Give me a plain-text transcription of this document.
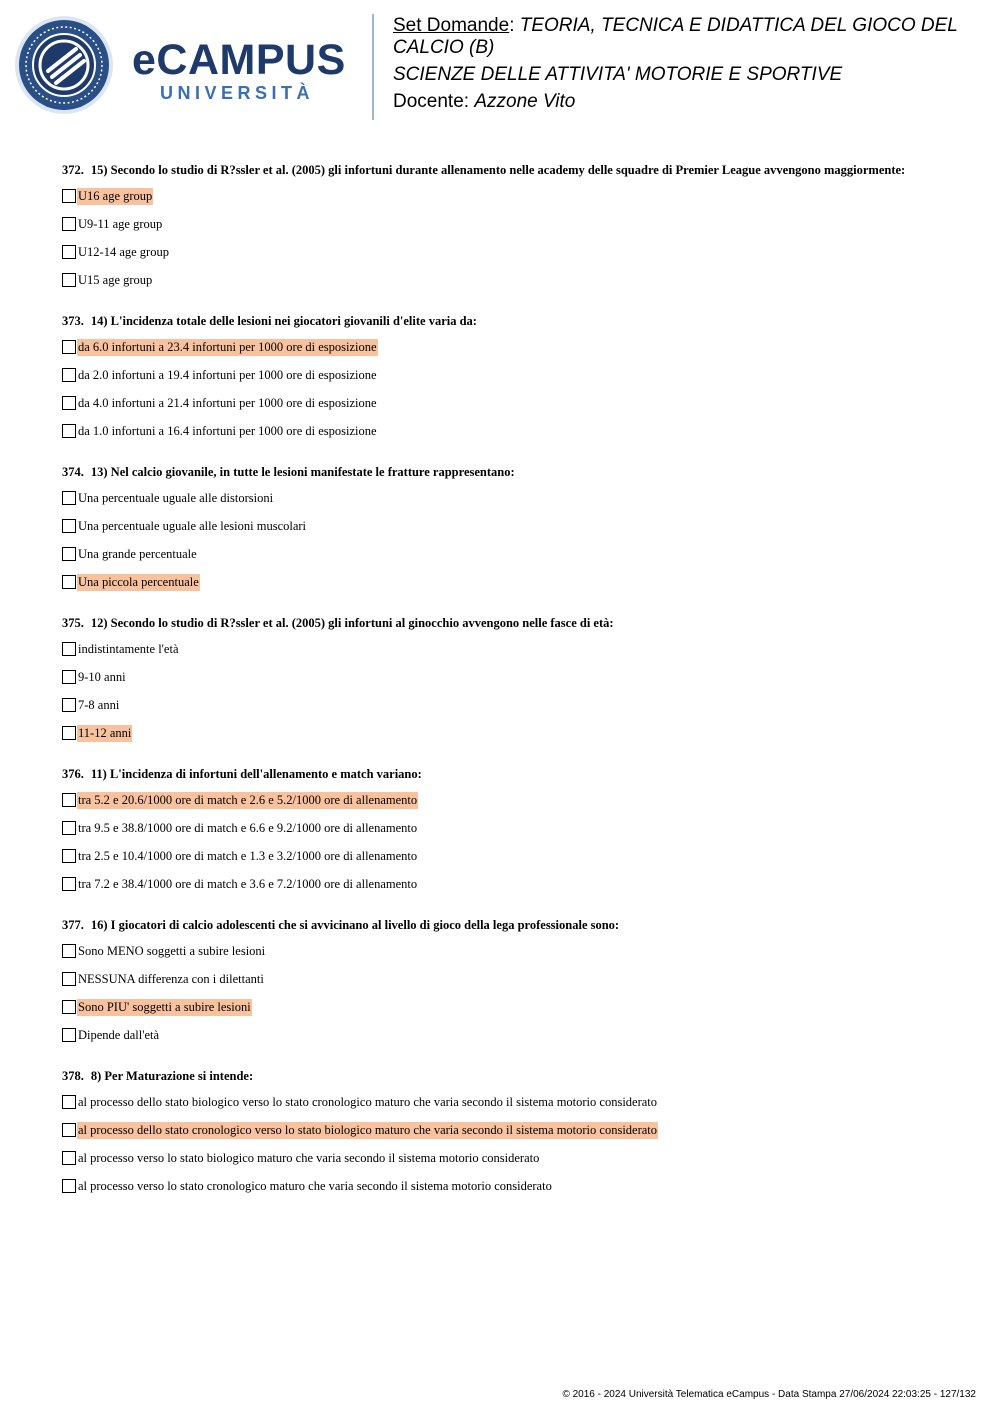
eCAMPUS
UNIVERSITÀ
Set Domande: TEORIA, TECNICA E DIDATTICA DEL GIOCO DEL CALCIO (B)
SCIENZE DELLE ATTIVITA' MOTORIE E SPORTIVE
Docente: Azzone Vito
372. 15) Secondo lo studio di R?ssler et al. (2005) gli infortuni durante allenamento nelle academy delle squadre di Premier League avvengono maggiormente:
U16 age group
U9-11 age group
U12-14 age group
U15 age group
373. 14) L'incidenza totale delle lesioni nei giocatori giovanili d'elite varia da:
da 6.0 infortuni a 23.4 infortuni per 1000 ore di esposizione
da 2.0 infortuni a 19.4 infortuni per 1000 ore di esposizione
da 4.0 infortuni a 21.4 infortuni per 1000 ore di esposizione
da 1.0 infortuni a 16.4 infortuni per 1000 ore di esposizione
374. 13) Nel calcio giovanile, in tutte le lesioni manifestate le fratture rappresentano:
Una percentuale uguale alle distorsioni
Una percentuale uguale alle lesioni muscolari
Una grande percentuale
Una piccola percentuale
375. 12) Secondo lo studio di R?ssler et al. (2005) gli infortuni al ginocchio avvengono nelle fasce di età:
indistintamente l'età
9-10 anni
7-8 anni
11-12 anni
376. 11) L'incidenza di infortuni dell'allenamento e match variano:
tra 5.2 e 20.6/1000 ore di match e 2.6 e 5.2/1000 ore di allenamento
tra 9.5 e 38.8/1000 ore di match e 6.6 e 9.2/1000 ore di allenamento
tra 2.5 e 10.4/1000 ore di match e 1.3 e 3.2/1000 ore di allenamento
tra 7.2 e 38.4/1000 ore di match e 3.6 e 7.2/1000 ore di allenamento
377. 16) I giocatori di calcio adolescenti che si avvicinano al livello di gioco della lega professionale sono:
Sono MENO soggetti a subire lesioni
NESSUNA differenza con i dilettanti
Sono PIU' soggetti a subire lesioni
Dipende dall'età
378. 8) Per Maturazione si intende:
al processo dello stato biologico verso lo stato cronologico maturo che varia secondo il sistema motorio considerato
al processo dello stato cronologico verso lo stato biologico maturo che varia secondo il sistema motorio considerato
al processo verso lo stato biologico maturo che varia secondo il sistema motorio considerato
al processo verso lo stato cronologico maturo che varia secondo il sistema motorio considerato
© 2016 - 2024 Università Telematica eCampus - Data Stampa 27/06/2024 22:03:25 - 127/132
